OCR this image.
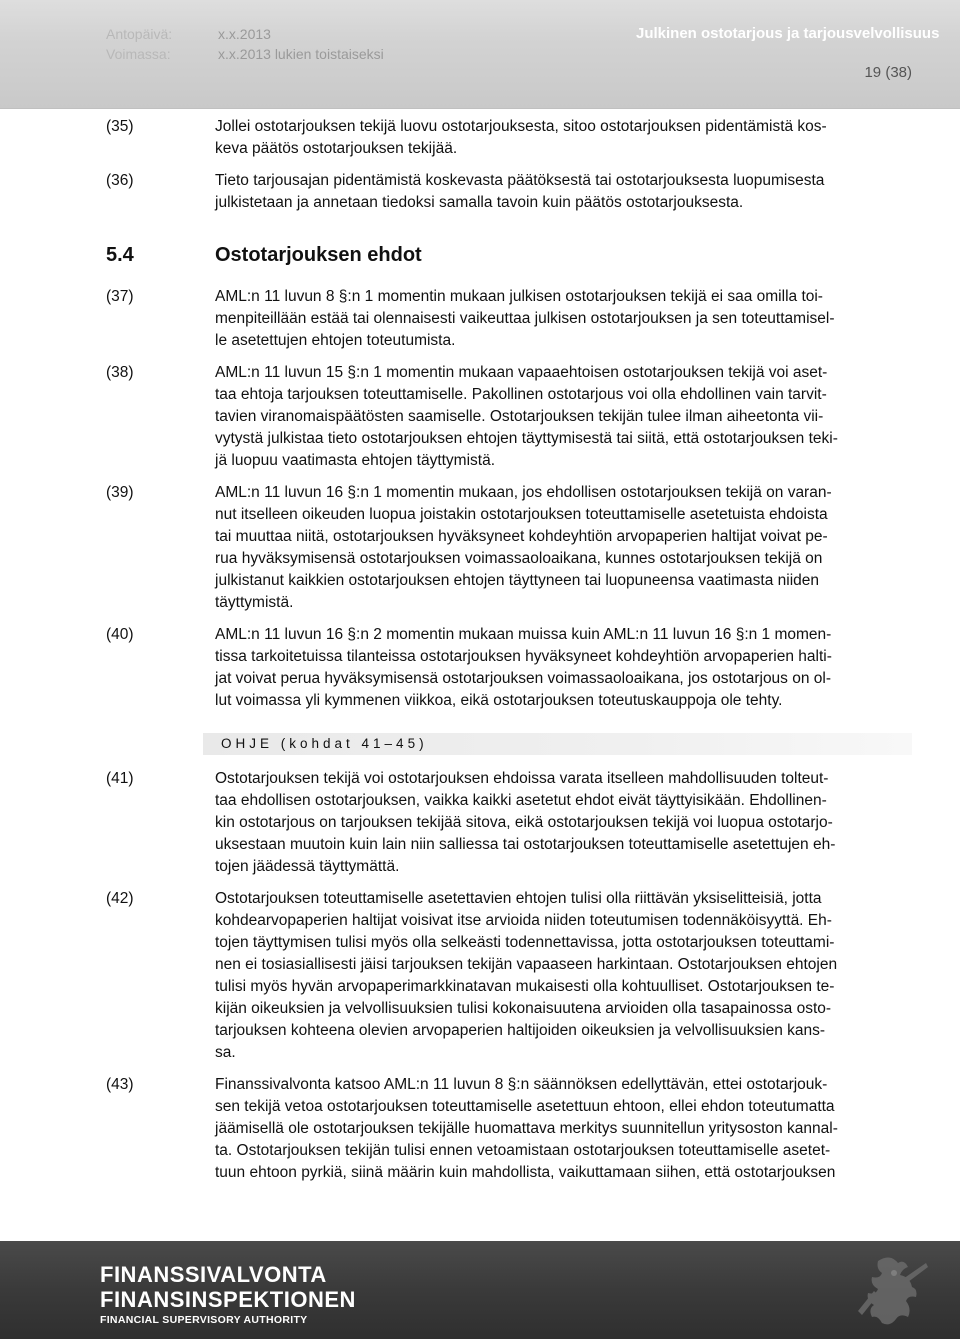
Antopäivä:	x.x.2013
Voimassa:	x.x.2013 lukien toistaiseksi
Julkinen ostotarjous ja tarjousvelvollisuus
19 (38)
(35)	Jollei ostotarjouksen tekijä luovu ostotarjouksesta, sitoo ostotarjouksen pidentämistä kos-
keva päätös ostotarjouksen tekijää.
(36)	Tieto tarjousajan pidentämistä koskevasta päätöksestä tai ostotarjouksesta luopumisesta
julkistetaan ja annetaan tiedoksi samalla tavoin kuin päätös ostotarjouksesta.
5.4	Ostotarjouksen ehdot
(37)	AML:n 11 luvun 8 §:n 1 momentin mukaan julkisen ostotarjouksen tekijä ei saa omilla toi-
menpiteillään estää tai olennaisesti vaikeuttaa julkisen ostotarjouksen ja sen toteuttamisel-
le asetettujen ehtojen toteutumista.
(38)	AML:n 11 luvun 15 §:n 1 momentin mukaan vapaaehtoisen ostotarjouksen tekijä voi aset-
taa ehtoja tarjouksen toteuttamiselle. Pakollinen ostotarjous voi olla ehdollinen vain tarvit-
tavien viranomaispäätösten saamiselle. Ostotarjouksen tekijän tulee ilman aiheetonta vii-
vytystä julkistaa tieto ostotarjouksen ehtojen täyttymisestä tai siitä, että ostotarjouksen teki-
jä luopuu vaatimasta ehtojen täyttymistä.
(39)	AML:n 11 luvun 16 §:n 1 momentin mukaan, jos ehdollisen ostotarjouksen tekijä on varan-
nut itselleen oikeuden luopua joistakin ostotarjouksen toteuttamiselle asetetuista ehdoista
tai muuttaa niitä, ostotarjouksen hyväksyneet kohdeyhtiön arvopaperien haltijat voivat pe-
rua hyväksymisensä ostotarjouksen voimassaoloaikana, kunnes ostotarjouksen tekijä on
julkistanut kaikkien ostotarjouksen ehtojen täyttyneen tai luopuneensa vaatimasta niiden
täyttymistä.
(40)	AML:n 11 luvun 16 §:n 2 momentin mukaan muissa kuin AML:n 11 luvun 16 §:n 1 momen-
tissa tarkoitetuissa tilanteissa ostotarjouksen hyväksyneet kohdeyhtiön arvopaperien halti-
jat voivat perua hyväksymisensä ostotarjouksen voimassaoloaikana, jos ostotarjous on ol-
lut voimassa yli kymmenen viikkoa, eikä ostotarjouksen toteutuskauppoja ole tehty.
OHJE (kohdat 41–45)
(41)	Ostotarjouksen tekijä voi ostotarjouksen ehdoissa varata itselleen mahdollisuuden tolteut-
taa ehdollisen ostotarjouksen, vaikka kaikki asetetut ehdot eivät täyttyisikään. Ehdollinen-
kin ostotarjous on tarjouksen tekijää sitova, eikä ostotarjouksen tekijä voi luopua ostotarjo-
uksestaan muutoin kuin lain niin salliessa tai ostotarjouksen toteuttamiselle asetettujen eh-
tojen jäädessä täyttymättä.
(42)	Ostotarjouksen toteuttamiselle asetettavien ehtojen tulisi olla riittävän yksiselitteisiä, jotta
kohdearvopaperien haltijat voisivat itse arvioida niiden toteutumisen todennäköisyyttä. Eh-
tojen täyttymisen tulisi myös olla selkeästi todennettavissa, jotta ostotarjouksen toteuttami-
nen ei tosiasiallisesti jäisi tarjouksen tekijän vapaaseen harkintaan. Ostotarjouksen ehtojen
tulisi myös hyvän arvopaperimarkkinatavan mukaisesti olla kohtuulliset. Ostotarjouksen te-
kijän oikeuksien ja velvollisuuksien tulisi kokonaisuutena arvioiden olla tasapainossa osto-
tarjouksen kohteena olevien arvopaperien haltijoiden oikeuksien ja velvollisuuksien kans-
sa.
(43)	Finanssivalvonta katsoo AML:n 11 luvun 8 §:n säännöksen edellyttävän, ettei ostotarjouk-
sen tekijä vetoa ostotarjouksen toteuttamiselle asetettuun ehtoon, ellei ehdon toteutumatta
jäämisellä ole ostotarjouksen tekijälle huomattava merkitys suunnitellun yritysoston kannal-
ta. Ostotarjouksen tekijän tulisi ennen vetoamistaan ostotarjouksen toteuttamiselle asetet-
tuun ehtoon pyrkiä, siinä määrin kuin mahdollista, vaikuttamaan siihen, että ostotarjouksen
FINANSSIVALVONTA
FINANSINSPEKTIONEN
FINANCIAL SUPERVISORY AUTHORITY
